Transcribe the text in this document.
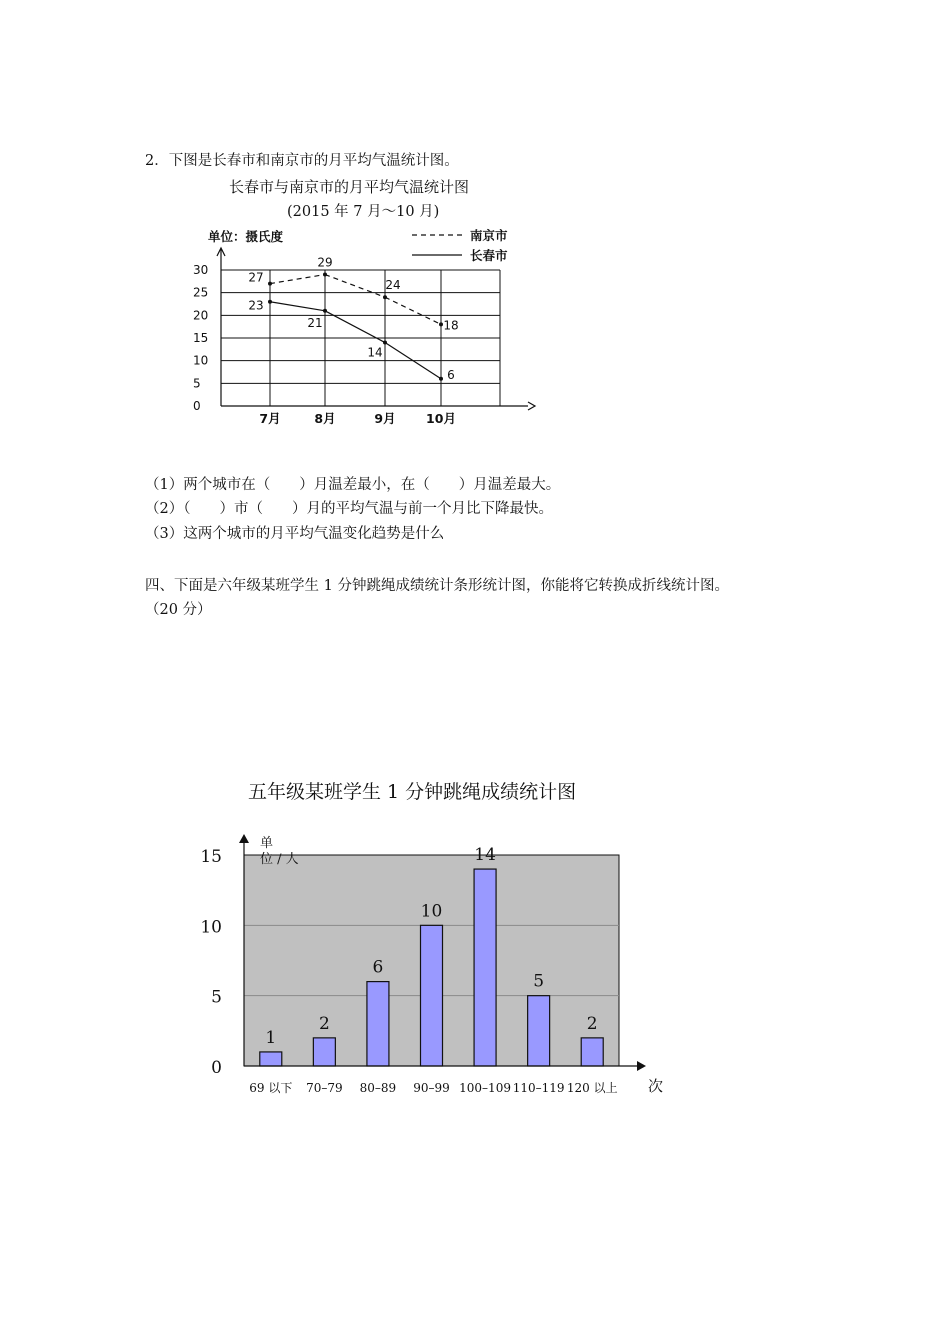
2．下图是长春市和南京市的月平均气温统计图。
长春市与南京市的月平均气温统计图
(2015 年 7 月～10 月)
（1）两个城市在（　　）月温差最小，在（　　）月温差最大。
（2）（　　）市（　　）月的平均气温与前一个月比下降最快。
（3）这两个城市的月平均气温变化趋势是什么
四、下面是六年级某班学生 1 分钟跳绳成绩统计条形统计图，你能将它转换成折线统计图。
（20 分）
五年级某班学生 1 分钟跳绳成绩统计图
单位：摄氏度	南京市
长春市
27
29
24
18
23
21
14
6
0
5
10
15
20
25
30
7月	8月	9月 10月
1
2
6
10
14
5
2
0
5
10
15
69 以下 70–79 80–89 90–99 100–109 110–119 120 以上
单
位 / 人
次
